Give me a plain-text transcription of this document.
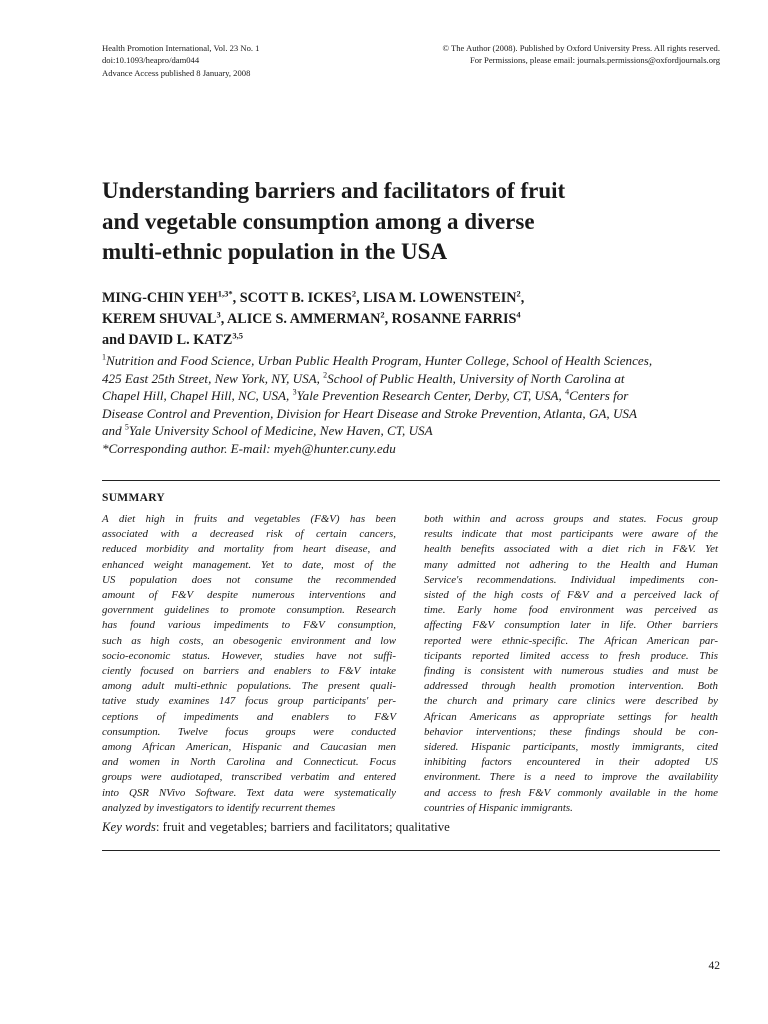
Health Promotion International, Vol. 23 No. 1
doi:10.1093/heapro/dam044
Advance Access published 8 January, 2008
© The Author (2008). Published by Oxford University Press. All rights reserved.
For Permissions, please email: journals.permissions@oxfordjournals.org
Understanding barriers and facilitators of fruit
and vegetable consumption among a diverse
multi-ethnic population in the USA
MING-CHIN $YEH^{1,3*}$, SCOTT B. ICKES$^2$, LISA M. LOWENSTEIN$^2$,
KEREM SHUVAL$^3$, ALICE S. AMMERMAN$^2$, ROSANNE FARRIS$^4$
and DAVID L. KATZ$^{3,5}$
$^1$Nutrition and Food Science, Urban Public Health Program, Hunter College, School of Health Sciences,
425 East 25th Street, New York, NY, USA, $^2$School of Public Health, University of North Carolina at
Chapel Hill, Chapel Hill, NC, USA, $^3$Yale Prevention Research Center, Derby, CT, USA, $^4$Centers for
Disease Control and Prevention, Division for Heart Disease and Stroke Prevention, Atlanta, GA, USA
and $^5$Yale University School of Medicine, New Haven, CT, USA
*Corresponding author. E-mail: myeh@hunter.cuny.edu
SUMMARY
A diet high in fruits and vegetables (F&V) has been
associated with a decreased risk of certain cancers,
reduced morbidity and mortality from heart disease, and
enhanced weight management. Yet to date, most of the
US population does not consume the recommended
amount of F&V despite numerous interventions and
government guidelines to promote consumption. Research
has found various impediments to F&V consumption,
such as high costs, an obesogenic environment and low
socio-economic status. However, studies have not suffi-
ciently focused on barriers and enablers to F&V intake
among adult multi-ethnic populations. The present quali-
tative study examines 147 focus group participants' per-
ceptions of impediments and enablers to F&V
consumption. Twelve focus groups were conducted
among African American, Hispanic and Caucasian men
and women in North Carolina and Connecticut. Focus
groups were audiotaped, transcribed verbatim and entered
into QSR NVivo Software. Text data were systematically
analyzed by investigators to identify recurrent themes
both within and across groups and states. Focus group
results indicate that most participants were aware of the
health benefits associated with a diet rich in F&V. Yet
many admitted not adhering to the Health and Human
Service's recommendations. Individual impediments con-
sisted of the high costs of F&V and a perceived lack of
time. Early home food environment was perceived as
affecting F&V consumption later in life. Other barriers
reported were ethnic-specific. The African American par-
ticipants reported limited access to fresh produce. This
finding is consistent with numerous studies and must be
addressed through health promotion intervention. Both
the church and primary care clinics were described by
African Americans as appropriate settings for health
behavior interventions; these findings should be con-
sidered. Hispanic participants, mostly immigrants, cited
inhibiting factors encountered in their adopted US
environment. There is a need to improve the availability
and access to fresh F&V commonly available in the home
countries of Hispanic immigrants.
Key words: fruit and vegetables; barriers and facilitators; qualitative
42
